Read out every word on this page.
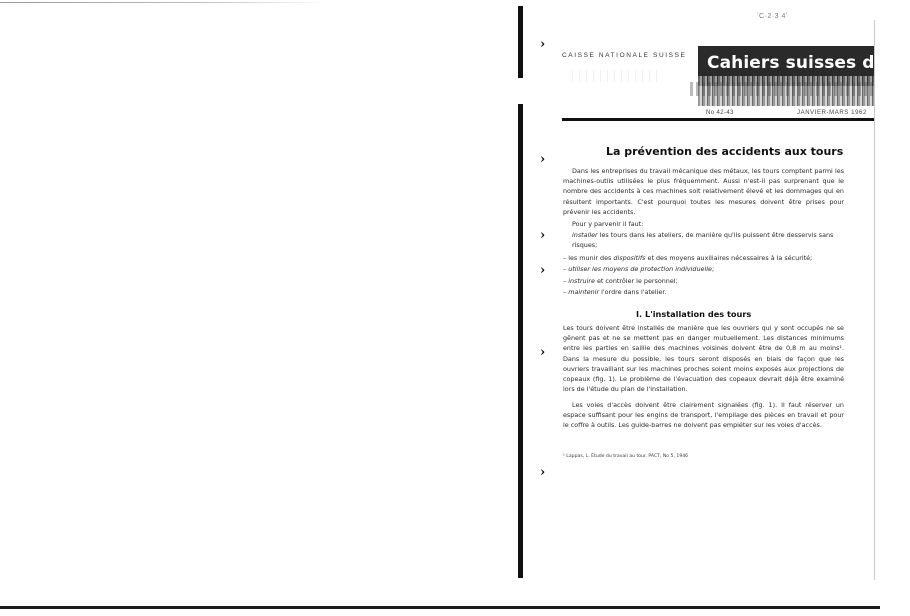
›
›
›
›
›
›
ʼC·2·3 4ʼ
CAISSE NATIONALE SUISSE Cahiers suisses de la
No 42-43	JANVIER-MARS 1962
La prévention des accidents aux tours

Dans les entreprises du travail mécanique des métaux, les tours comptent parmi les machines-outils utilisées le plus fréquemment. Aussi n'est-il pas surprenant que le nombre des accidents à ces machines soit relativement élevé et les dommages qui en résultent importants. C'est pourquoi toutes les mesures doivent être prises pour prévenir les accidents.

Pour y parvenir il faut:

installer les tours dans les ateliers, de manière qu'ils puissent être desservis sans risques;
– les munir des dispositifs et des moyens auxiliaires nécessaires à la sécurité;
– utiliser les moyens de protection individuelle;
– instruire et contrôler le personnel;
– maintenir l'ordre dans l'atelier.
I. L'installation des tours

Les tours doivent être installés de manière que les ouvriers qui y sont occupés ne se gênent pas et ne se mettent pas en danger mutuellement. Les distances minimums entre les parties en saillie des machines voisines doivent être de 0,8 m au moins¹. Dans la mesure du possible, les tours seront disposés en biais de façon que les ouvriers travaillant sur les machines proches soient moins exposés aux projections de copeaux (fig. 1). Le problème de l'évacuation des copeaux devrait déjà être examiné lors de l'étude du plan de l'installation.

Les voies d'accès doivent être clairement signalées (fig. 1). Il faut réserver un espace suffisant pour les engins de transport, l'empilage des pièces en travail et pour le coffre à outils. Les guide-barres ne doivent pas empiéter sur les voies d'accès.

¹ Lappas, L. Étude du travail au tour. PACT, No 5, 1946
